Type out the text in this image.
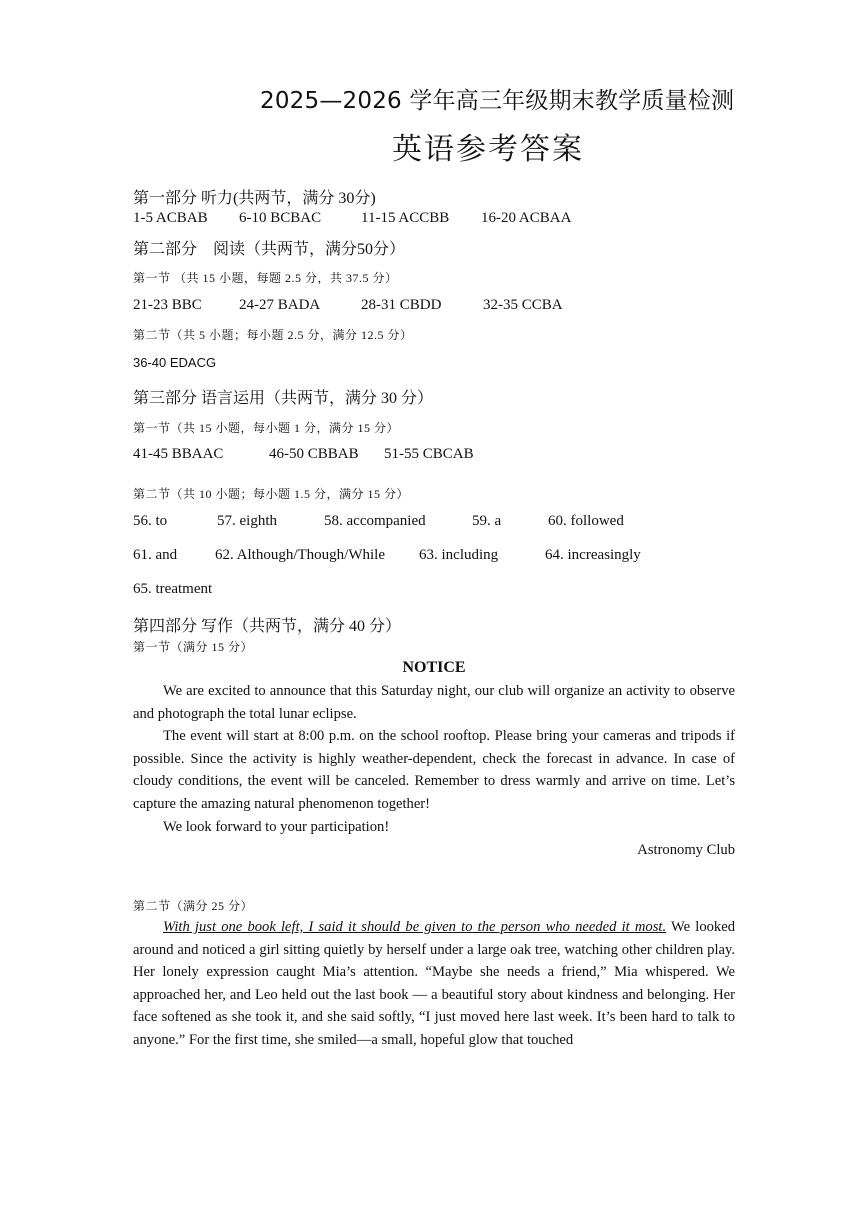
2025—2026 学年高三年级期末教学质量检测
英语参考答案
第一部分 听力(共两节，满分 30分)
1-5 ACBAB 6-10 BCBAC	11-15 ACCBB 16-20 ACBAA
第二部分　阅读（共两节，满分50分）
第一节 （共 15 小题，每题 2.5 分，共 37.5 分）
21-23 BBC 24-27 BADA	28-31 CBDD	32-35 CCBA
第二节（共 5 小题；每小题 2.5 分，满分 12.5 分）
36-40 EDACG
第三部分 语言运用（共两节，满分 30 分）
第一节（共 15 小题，每小题 1 分，满分 15 分）
41-45 BBAAC	46-50 CBBAB 51-55 CBCAB
第二节（共 10 小题；每小题 1.5 分，满分 15 分）
56. to	57. eighth	58. accompanied	59. a	60. followed
61. and	62. Although/Though/While 63. including	64. increasingly
65. treatment
第四部分 写作（共两节，满分 40 分）
第一节（满分 15 分）
NOTICE
We are excited to announce that this Saturday night, our club will organize an activity to observe and photograph the total lunar eclipse.
The event will start at 8:00 p.m. on the school rooftop. Please bring your cameras and tripods if possible. Since the activity is highly weather-dependent, check the forecast in advance. In case of cloudy conditions, the event will be canceled. Remember to dress warmly and arrive on time. Let’s capture the amazing natural phenomenon together!
We look forward to your participation!
Astronomy Club
第二节（满分 25 分）
With just one book left, I said it should be given to the person who needed it most. We looked around and noticed a girl sitting quietly by herself under a large oak tree, watching other children play. Her lonely expression caught Mia’s attention. “Maybe she needs a friend,” Mia whispered. We approached her, and Leo held out the last book — a beautiful story about kindness and belonging. Her face softened as she took it, and she said softly, “I just moved here last week. It’s been hard to talk to anyone.” For the first time, she smiled—a small, hopeful glow that touched
